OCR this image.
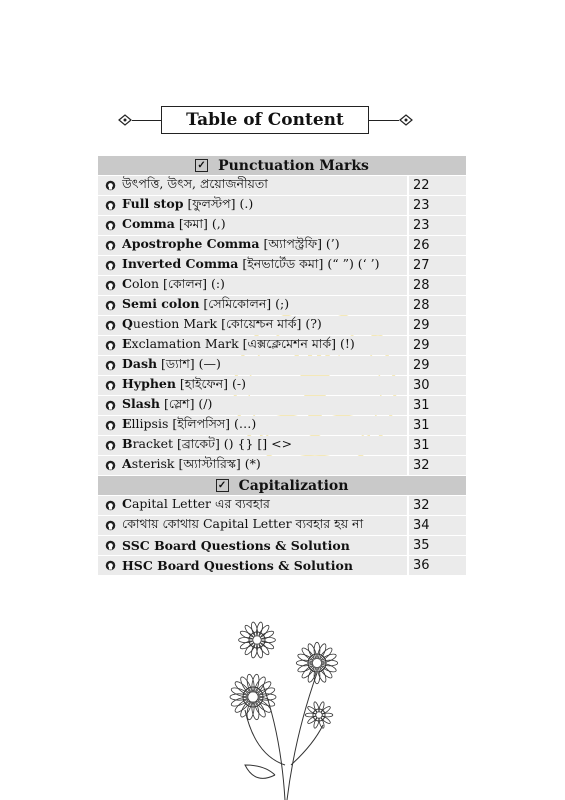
Table of Content
✓ Punctuation Marks
উৎপত্তি, উৎস, প্রয়োজনীয়তা	22
Full stop [ফুলস্টপ] (.)	23
Comma [কমা] (,)	23
Apostrophe Comma [অ্যাপস্ট্রফি] (’)	26
Inverted Comma [ইনভার্টেড কমা] (“ ”) (‘ ’)	27
Colon [কোলন] (:)	28
Semi colon [সেমিকোলন] (;)	28
Question Mark [কোয়েশ্চন মার্ক] (?)	29
Exclamation Mark [এক্সক্লেমেশন মার্ক] (!)	29
Dash [ড্যাশ] (—)	29
Hyphen [হাইফেন] (-)	30
Slash [স্লেশ] (/)	31
Ellipsis [ইলিপসিস] (…)	31
Bracket [ব্রাকেট] () {} [] <>	31
Asterisk [অ্যাস্টারিস্ক] (*)	32
✓ Capitalization
Capital Letter এর ব্যবহার	32
কোথায় কোথায় Capital Letter ব্যবহার হয় না	34
SSC Board Questions & Solution	35
HSC Board Questions & Solution	36
